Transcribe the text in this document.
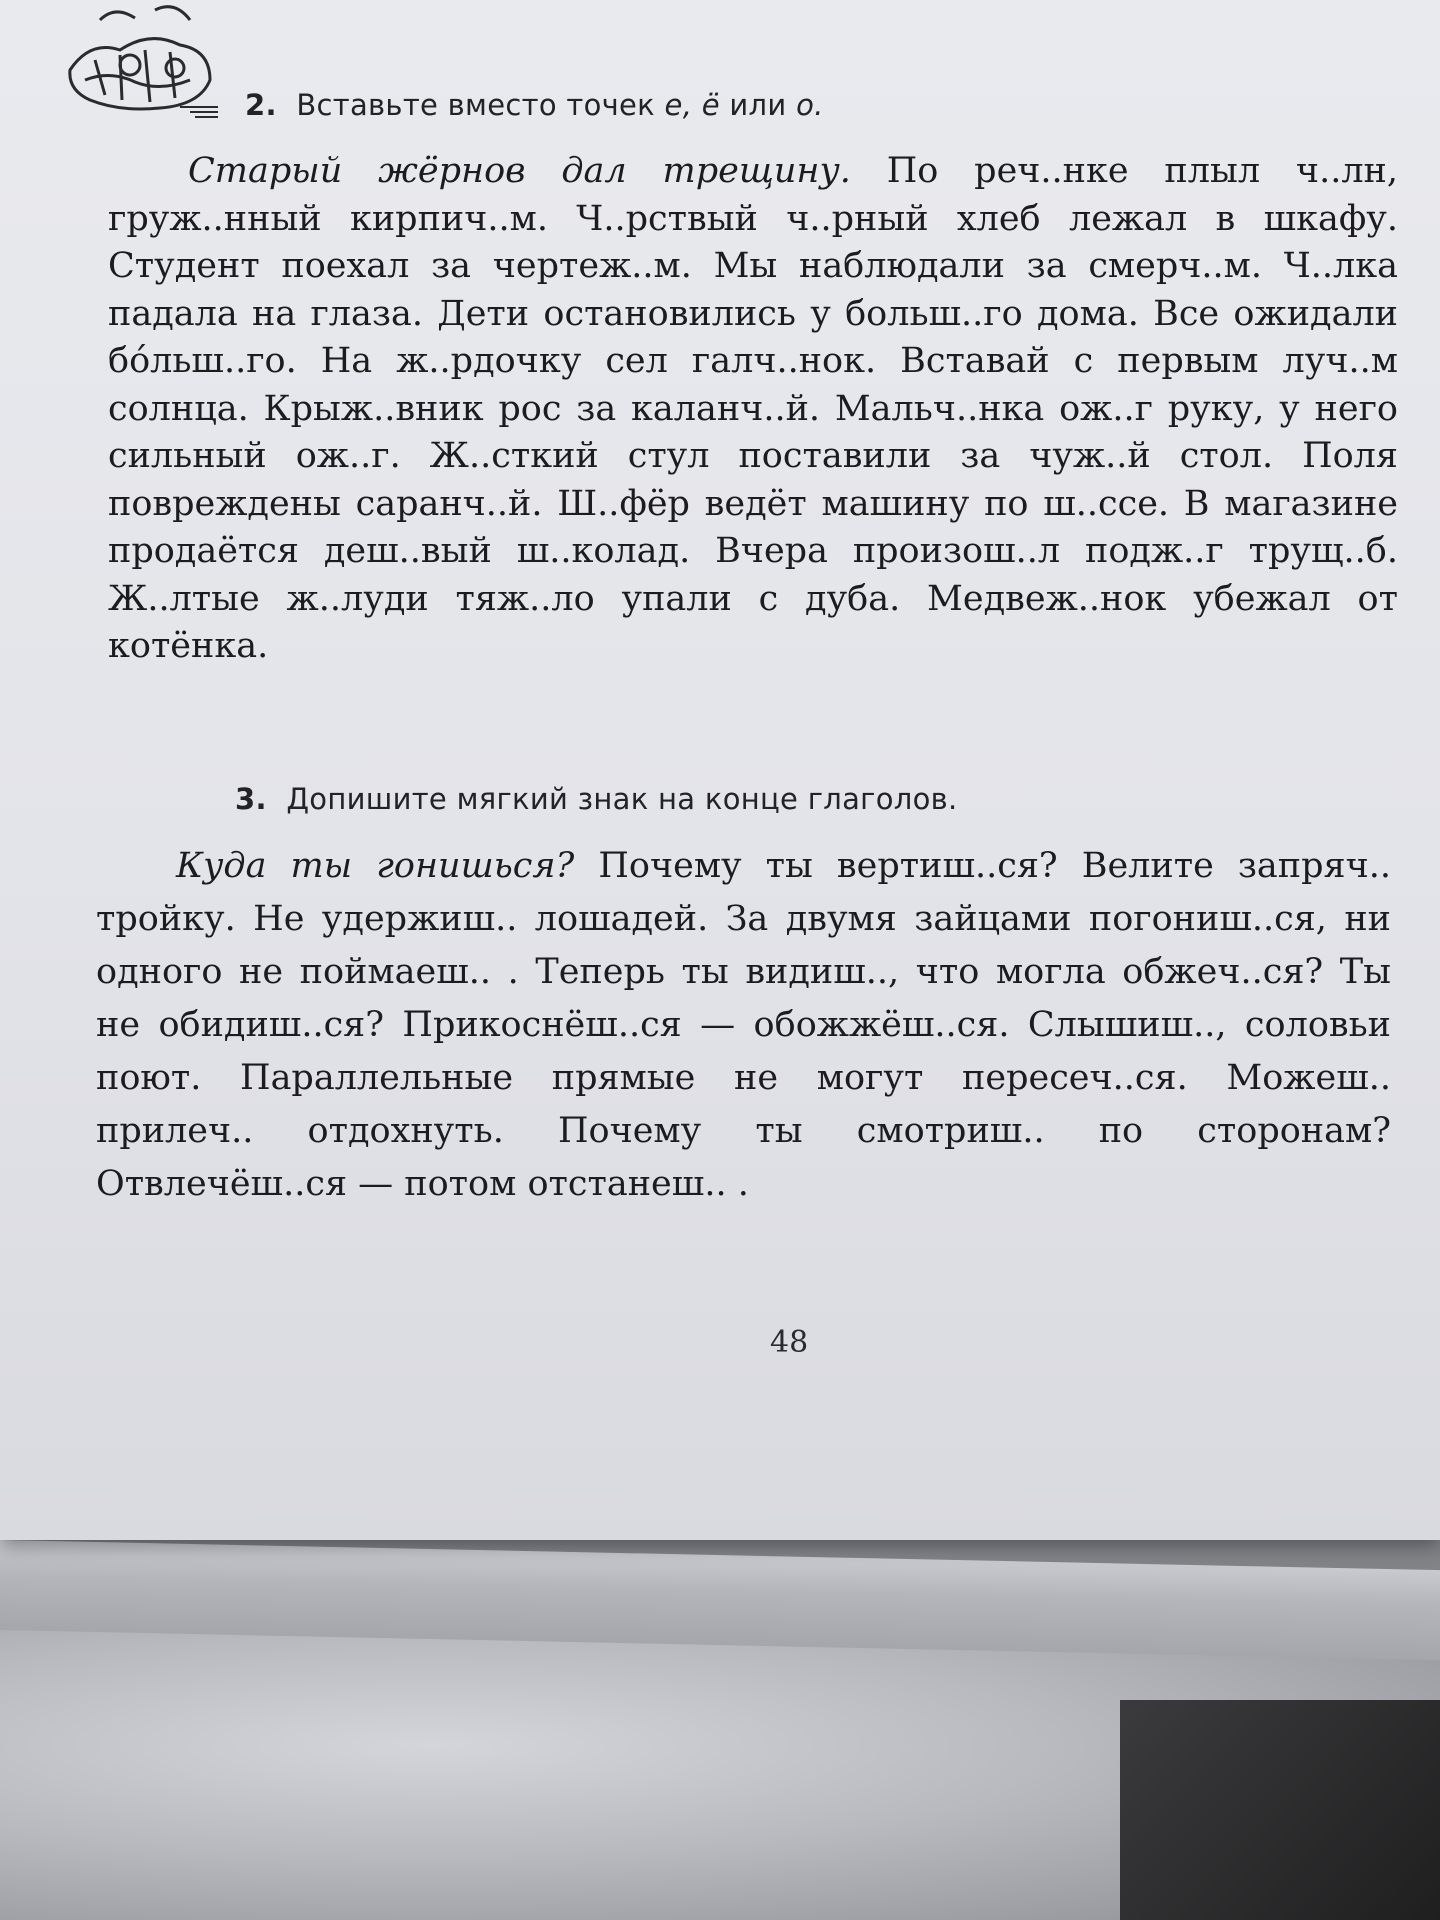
2. Вставьте вместо точек е, ё или о.
Старый жёрнов дал трещину. По реч..нке плыл ч..лн, груж..нный кирпич..м. Ч..рствый ч..рный хлеб лежал в шкафу. Студент поехал за чертеж..м. Мы наблюдали за смерч..м. Ч..лка падала на глаза. Дети остановились у больш..го дома. Все ожидали бо́льш..го. На ж..рдочку сел галч..нок. Вставай с первым луч..м солнца. Крыж..вник рос за каланч..й. Мальч..нка ож..г руку, у него сильный ож..г. Ж..сткий стул поставили за чуж..й стол. Поля повреждены саранч..й. Ш..фёр ведёт машину по ш..ссе. В магазине продаётся деш..вый ш..колад. Вчера произош..л подж..г трущ..б. Ж..лтые ж..луди тяж..ло упали с дуба. Медвеж..нок убежал от котёнка.
3. Допишите мягкий знак на конце глаголов.
Куда ты гонишься? Почему ты вертиш..ся? Велите запряч.. тройку. Не удержиш.. лошадей. За двумя зайцами погониш..ся, ни одного не поймаеш.. . Теперь ты видиш.., что могла обжеч..ся? Ты не обидиш..ся? Прикоснёш..ся — обожжёш..ся. Слышиш.., соловьи поют. Параллельные прямые не могут пересеч..ся. Можеш.. прилеч.. отдохнуть. Почему ты смотриш.. по сторонам? Отвлечёш..ся — потом отстанеш.. .
48
